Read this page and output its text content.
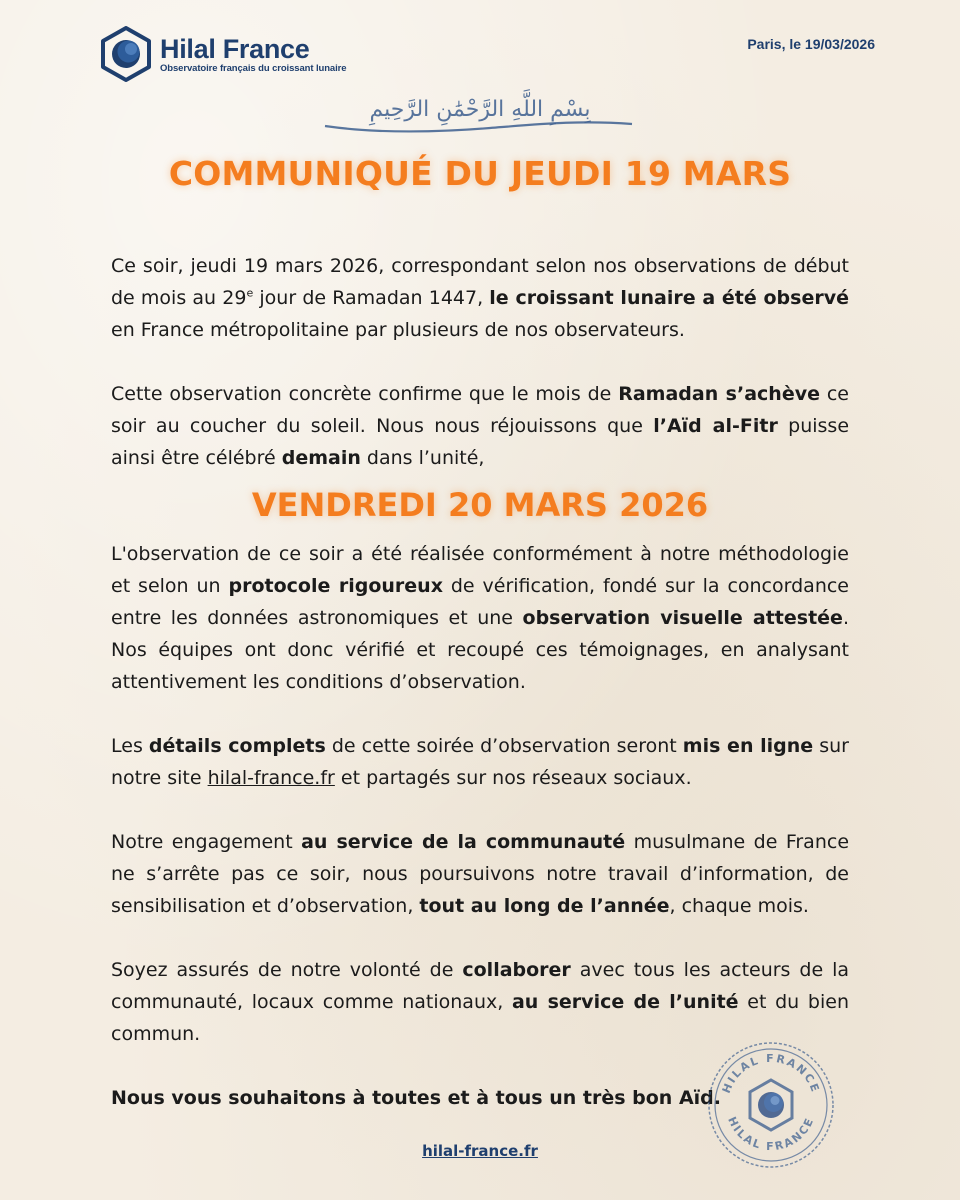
Hilal France
Observatoire français du croissant lunaire
Paris, le 19/03/2026
بِسْمِ اللَّهِ الرَّحْمَٰنِ الرَّحِيمِ
COMMUNIQUÉ DU JEUDI 19 MARS

Ce soir, jeudi 19 mars 2026, correspondant selon nos observations de début de mois au 29e jour de Ramadan 1447, le croissant lunaire a été observé en France métropolitaine par plusieurs de nos observateurs.

Cette observation concrète confirme que le mois de Ramadan s’achève ce soir au coucher du soleil. Nous nous réjouissons que l’Aïd al-Fitr puisse ainsi être célébré demain dans l’unité,

VENDREDI 20 MARS 2026

L'observation de ce soir a été réalisée conformément à notre méthodologie et selon un protocole rigoureux de vérification, fondé sur la concordance entre les données astronomiques et une observation visuelle attestée. Nos équipes ont donc vérifié et recoupé ces témoignages, en analysant attentivement les conditions d’observation.

Les détails complets de cette soirée d’observation seront mis en ligne sur notre site hilal-france.fr et partagés sur nos réseaux sociaux.

Notre engagement au service de la communauté musulmane de France ne s’arrête pas ce soir, nous poursuivons notre travail d’information, de sensibilisation et d’observation, tout au long de l’année, chaque mois.

Soyez assurés de notre volonté de collaborer avec tous les acteurs de la communauté, locaux comme nationaux, au service de l’unité et du bien commun.

Nous vous souhaitons à toutes et à tous un très bon Aïd.

hilal-france.fr
HILAL FRANCE
HILAL FRANCE
